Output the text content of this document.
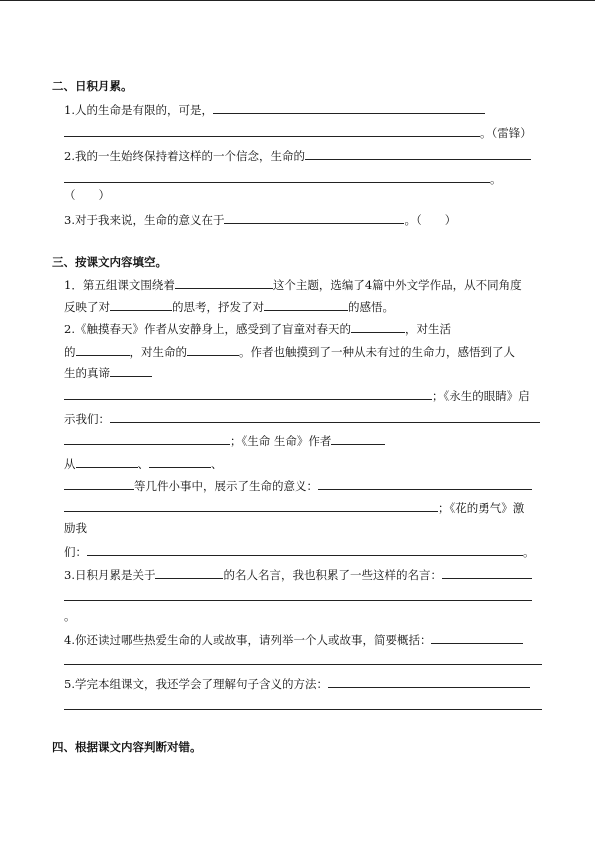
二、日积月累。
1.人的生命是有限的，可是，
。（雷锋）
2.我的一生始终保持着这样的一个信念，生命的
。
（　　）
3.对于我来说，生命的意义在于	。（　　）
三、按课文内容填空。
1．第五组课文围绕着	这个主题，选编了4篇中外文学作品，从不同角度
反映了对	的思考，抒发了对	的感悟。
2.《触摸春天》作者从安静身上，感受到了盲童对春天的	，对生活
的	，对生命的	。作者也触摸到了一种从未有过的生命力，感悟到了人
生的真谛
；《永生的眼睛》启
示我们：
；《生命 生命》作者
从	、	、
等几件小事中，展示了生命的意义：
；《花的勇气》激
励我
们：	。
3.日积月累是关于	的名人名言，我也积累了一些这样的名言：
。
4.你还读过哪些热爱生命的人或故事，请列举一个人或故事，简要概括：
5.学完本组课文，我还学会了理解句子含义的方法：
四、根据课文内容判断对错。
